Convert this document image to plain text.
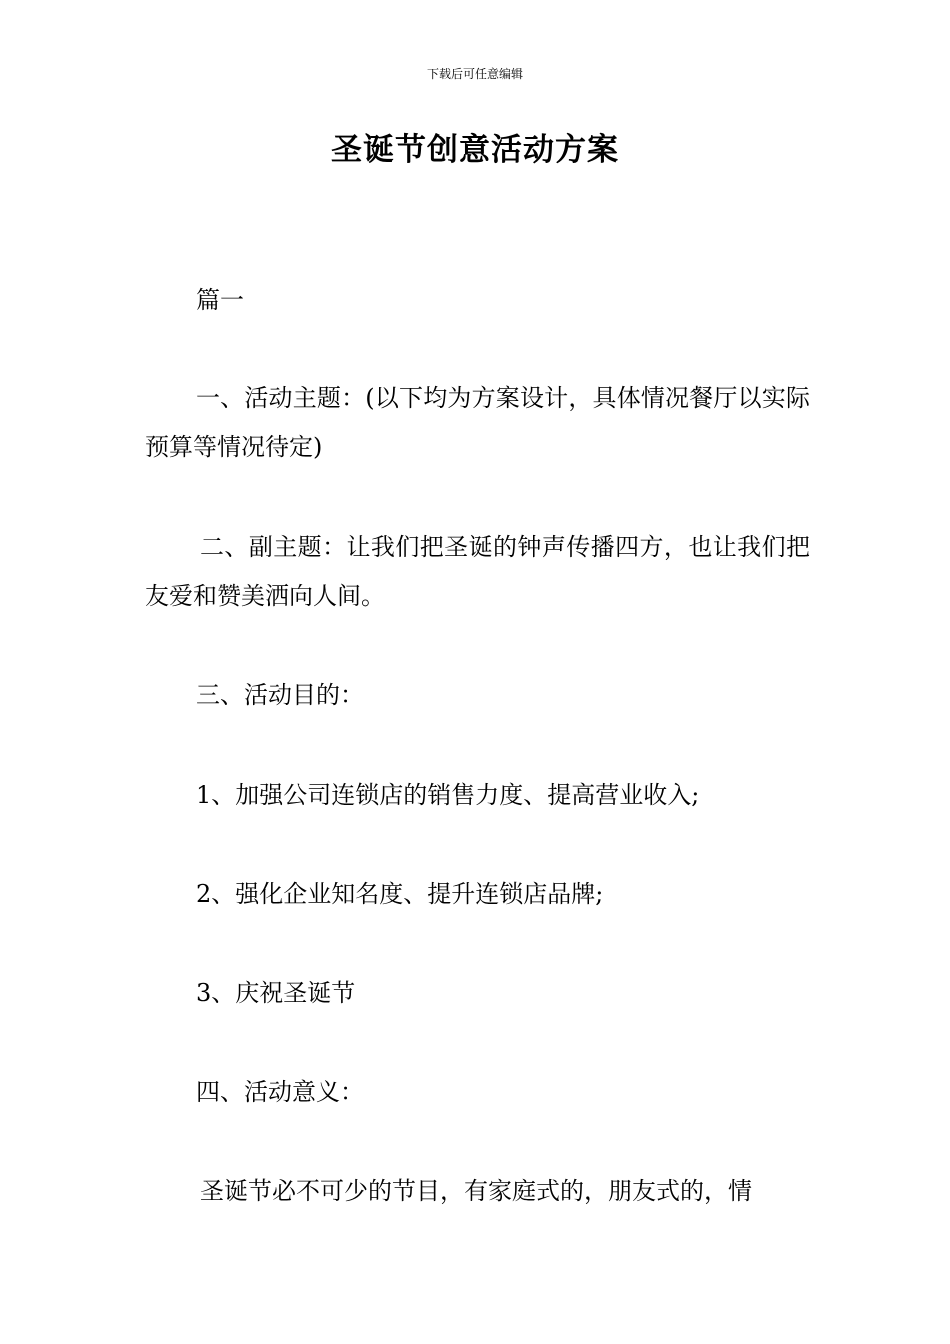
下载后可任意编辑
圣诞节创意活动方案

篇一

一、活动主题：(以下均为方案设计，具体情况餐厅以实际预算等情况待定)

二、副主题：让我们把圣诞的钟声传播四方，也让我们把友爱和赞美洒向人间。

三、活动目的：

1、加强公司连锁店的销售力度、提高营业收入;

2、强化企业知名度、提升连锁店品牌;

3、庆祝圣诞节

四、活动意义：

圣诞节必不可少的节目，有家庭式的，朋友式的，情
